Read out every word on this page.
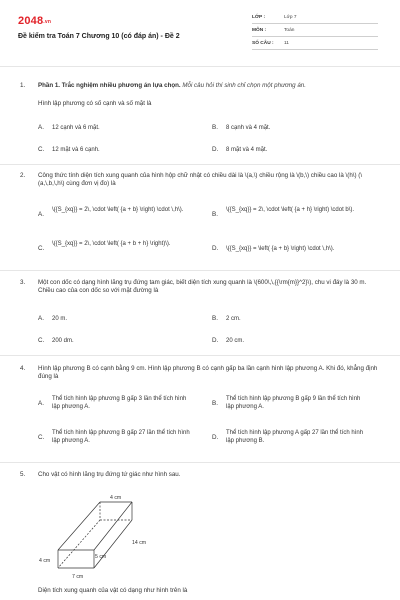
2048.vn
Đề kiểm tra Toán 7 Chương 10 (có đáp án) - Đề 2
LỚP :	Lớp 7
MÔN :	Toán
SỐ CÂU : 11
1. Phần 1. Trắc nghiệm nhiều phương án lựa chọn. Mỗi câu hỏi thí sinh chỉ chọn một phương án.
Hình lập phương có số cạnh và số mặt là
A. 12 cạnh và 6 mặt.	B. 8 cạnh và 4 mặt.
C. 12 mặt và 6 cạnh.	D. 8 mặt và 4 mặt.
2. Công thức tính diện tích xung quanh của hình hộp chữ nhật có chiều dài là \(a,\) chiều rộng là \(b,\) chiều cao là \(h\) (\(a,\,b,\,h\) cùng đơn vị đo) là
A.
\({S_{xq}} = 2\, \cdot \left( {a + b} \right) \cdot \,h\).
B.
\({S_{xq}} = 2\, \cdot \left( {a + h} \right) \cdot b\).
C.
\({S_{xq}} = 2\, \cdot \left( {a + b + h} \right)\).
D. \({S_{xq}} = \left( {a + b} \right) \cdot \,h\).
3. Một con dốc có dạng hình lăng trụ đứng tam giác, biết diện tích xung quanh là \(600\,\,{{\rm{m}}^2}\), chu vi đáy là 30 m. Chiều cao của con dốc so với mặt đường là
A. 20 m.	B. 2 cm.
C. 200 dm.	D. 20 cm.
4. Hình lập phương B có cạnh bằng 9 cm. Hình lập phương B có cạnh gấp ba lần cạnh hình lập phương A. Khi đó, khẳng định đúng là
A.
Thể tích hình lập phương B gấp 3 lần thể tích hình lập phương A.
B.
Thể tích hình lập phương B gấp 9 lần thể tích hình lập phương A.
C.
Thể tích hình lập phương B gấp 27 lần thể tích hình lập phương A.
D.
Thể tích hình lập phương A gấp 27 lần thể tích hình lập phương B.
5. Cho vật có hình lăng trụ đứng tứ giác như hình sau.
4 cm
14 cm
5 cm
4 cm
7 cm
Diện tích xung quanh của vật có dạng như hình trên là
